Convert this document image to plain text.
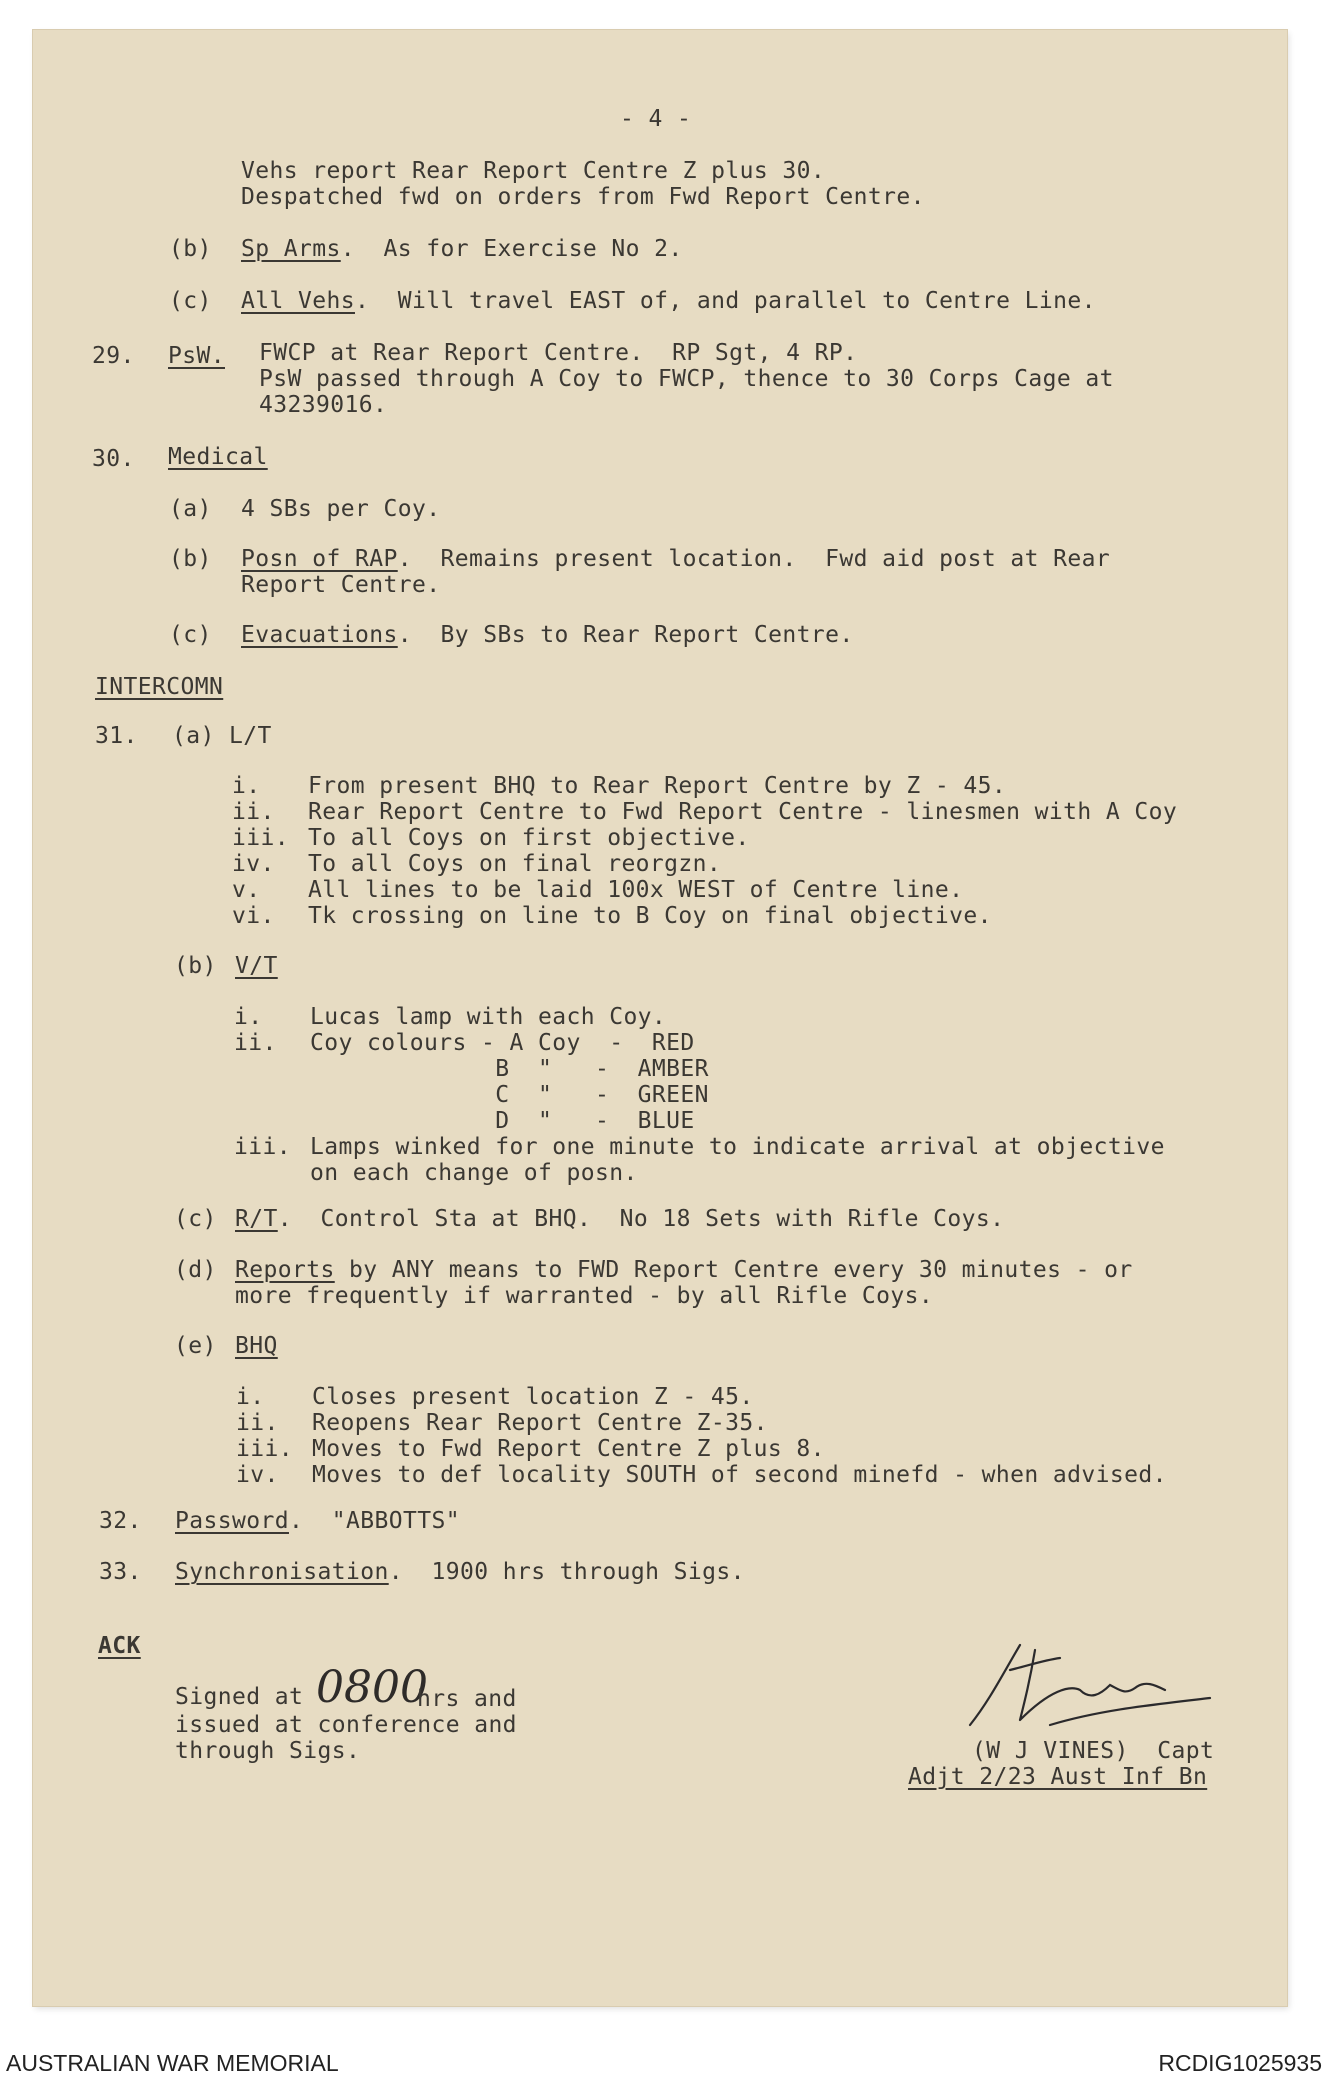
- 4 -
Vehs report Rear Report Centre Z plus 30.
Despatched fwd on orders from Fwd Report Centre.
(b) Sp Arms.  As for Exercise No 2.
(c) All Vehs.  Will travel EAST of, and parallel to Centre Line.
29. PsW. FWCP at Rear Report Centre.  RP Sgt, 4 RP.
PsW passed through A Coy to FWCP, thence to 30 Corps Cage at
43239016.
30. Medical
(a) 4 SBs per Coy.
(b) Posn of RAP.  Remains present location.  Fwd aid post at Rear
Report Centre.
(c) Evacuations.  By SBs to Rear Report Centre.
INTERCOMN
31. (a) L/T
i. From present BHQ to Rear Report Centre by Z - 45.
ii. Rear Report Centre to Fwd Report Centre - linesmen with A Coy
iii. To all Coys on first objective.
iv. To all Coys on final reorgzn.
v. All lines to be laid 100x WEST of Centre line.
vi. Tk crossing on line to B Coy on final objective.
(b) V/T
i. Lucas lamp with each Coy.
ii. Coy colours - A Coy  -  RED
B  "   -  AMBER
C  "   -  GREEN
D  "   -  BLUE
iii. Lamps winked for one minute to indicate arrival at objective
on each change of posn.
(c) R/T.  Control Sta at BHQ.  No 18 Sets with Rifle Coys.
(d) Reports by ANY means to FWD Report Centre every 30 minutes - or
more frequently if warranted - by all Rifle Coys.
(e) BHQ
i. Closes present location Z - 45.
ii. Reopens Rear Report Centre Z-35.
iii. Moves to Fwd Report Centre Z plus 8.
iv. Moves to def locality SOUTH of second minefd - when advised.
32. Password.  "ABBOTTS"
33. Synchronisation.  1900 hrs through Sigs.
ACK
Signed at 0800
hrs and
issued at conference and
through Sigs.	(W J VINES)  Capt
Adjt 2/23 Aust Inf Bn
AUSTRALIAN WAR MEMORIAL	RCDIG1025935
